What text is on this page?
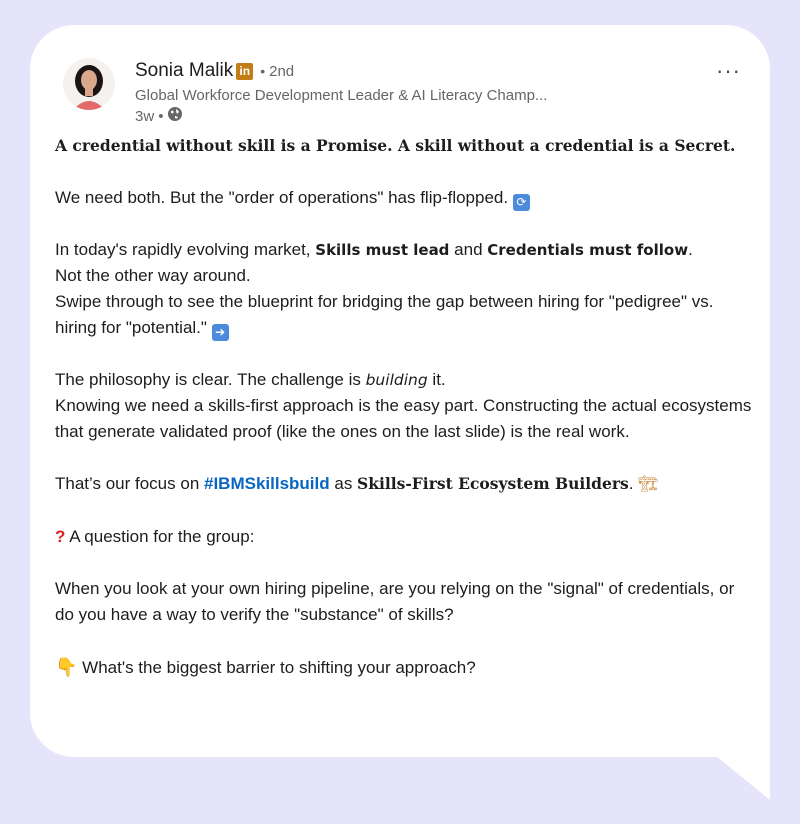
Sonia Malik in • 2nd
Global Workforce Development Leader & AI Literacy Champ...
3w •
···

A credential without skill is a Promise. A skill without a credential is a Secret.

We need both. But the "order of operations" has flip-flopped. ⟳

In today's rapidly evolving market, Skills must lead and Credentials must follow.
Not the other way around.
Swipe through to see the blueprint for bridging the gap between hiring for "pedigree" vs. hiring for "potential." ➔

The philosophy is clear. The challenge is building it.
Knowing we need a skills-first approach is the easy part. Constructing the actual ecosystems that generate validated proof (like the ones on the last slide) is the real work.

That’s our focus on #IBMSkillsbuild as Skills-First Ecosystem Builders. 🏗

? A question for the group:

When you look at your own hiring pipeline, are you relying on the "signal" of credentials, or do you have a way to verify the "substance" of skills?

👇 What's the biggest barrier to shifting your approach?
